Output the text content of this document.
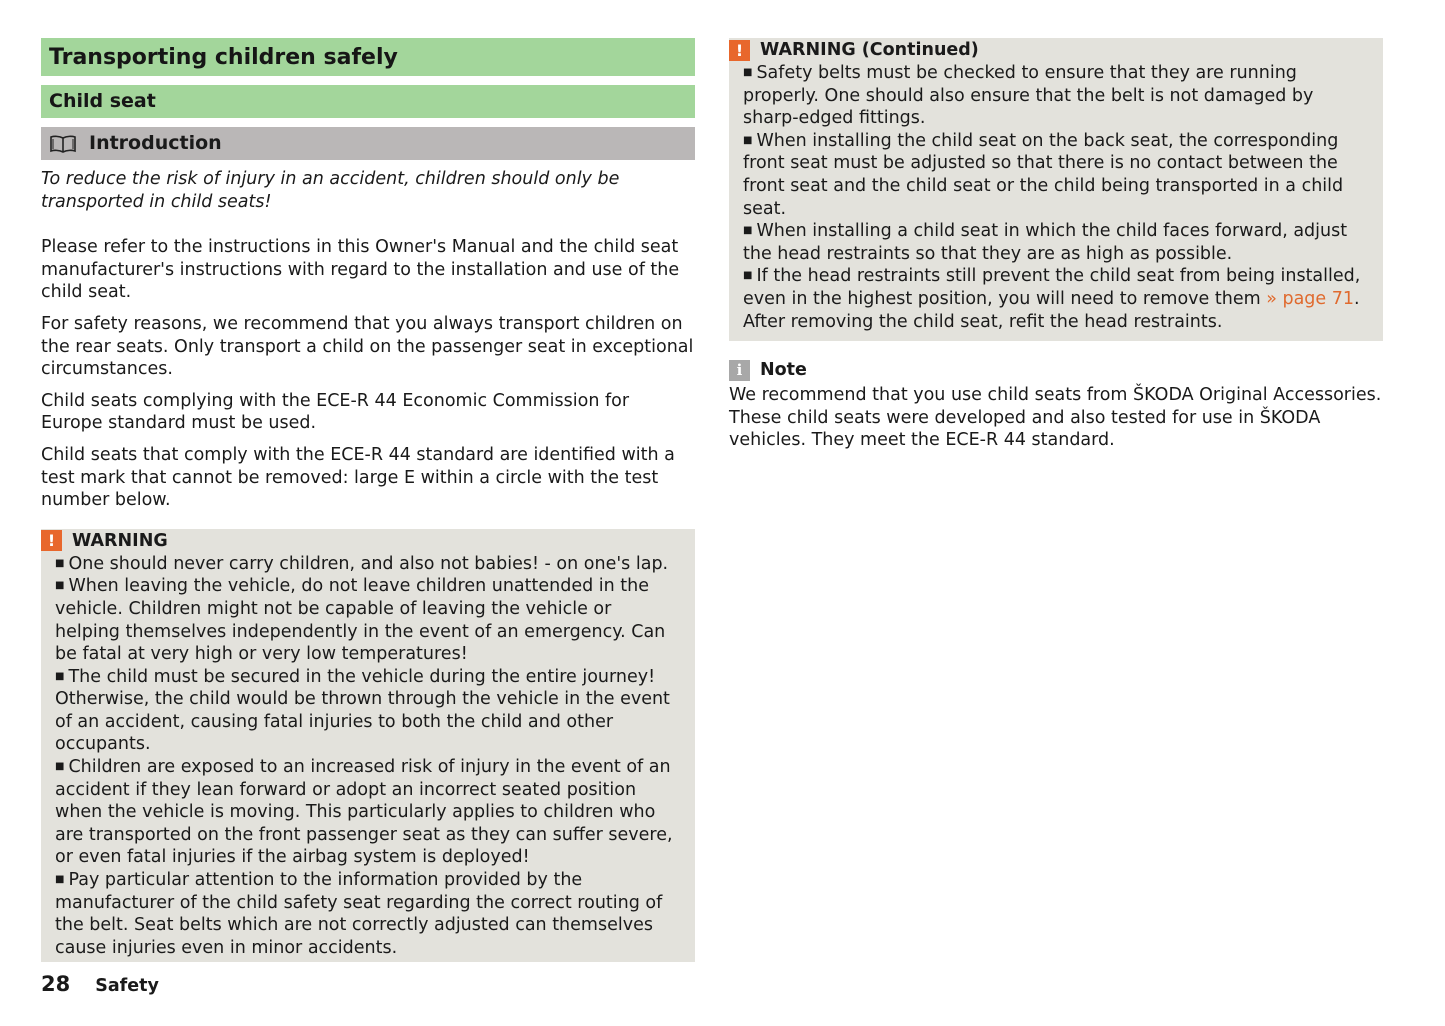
Transporting children safely
Child seat
Introduction

To reduce the risk of injury in an accident, children should only be transported in child seats!

Please refer to the instructions in this Owner's Manual and the child seat manufacturer's instructions with regard to the installation and use of the child seat.

For safety reasons, we recommend that you always transport children on the rear seats. Only transport a child on the passenger seat in exceptional circumstances.

Child seats complying with the ECE-R 44 Economic Commission for Europe standard must be used.

Child seats that comply with the ECE-R 44 standard are identified with a test mark that cannot be removed: large E within a circle with the test number below.

! WARNING
■ One should never carry children, and also not babies! - on one's lap.
■ When leaving the vehicle, do not leave children unattended in the vehicle. Children might not be capable of leaving the vehicle or helping themselves independently in the event of an emergency. Can be fatal at very high or very low temperatures!
■ The child must be secured in the vehicle during the entire journey! Otherwise, the child would be thrown through the vehicle in the event of an accident, causing fatal injuries to both the child and other occupants.
■ Children are exposed to an increased risk of injury in the event of an accident if they lean forward or adopt an incorrect seated position when the vehicle is moving. This particularly applies to children who are transported on the front passenger seat as they can suffer severe, or even fatal injuries if the airbag system is deployed!
■ Pay particular attention to the information provided by the manufacturer of the child safety seat regarding the correct routing of the belt. Seat belts which are not correctly adjusted can themselves cause injuries even in minor accidents.
! WARNING (Continued)
■ Safety belts must be checked to ensure that they are running properly. One should also ensure that the belt is not damaged by sharp-edged fittings.
■ When installing the child seat on the back seat, the corresponding front seat must be adjusted so that there is no contact between the front seat and the child seat or the child being transported in a child seat.
■ When installing a child seat in which the child faces forward, adjust the head restraints so that they are as high as possible.
■ If the head restraints still prevent the child seat from being installed, even in the highest position, you will need to remove them » page 71. After removing the child seat, refit the head restraints.
i	Note

We recommend that you use child seats from ŠKODA Original Accessories. These child seats were developed and also tested for use in ŠKODA vehicles. They meet the ECE-R 44 standard.

28 Safety
